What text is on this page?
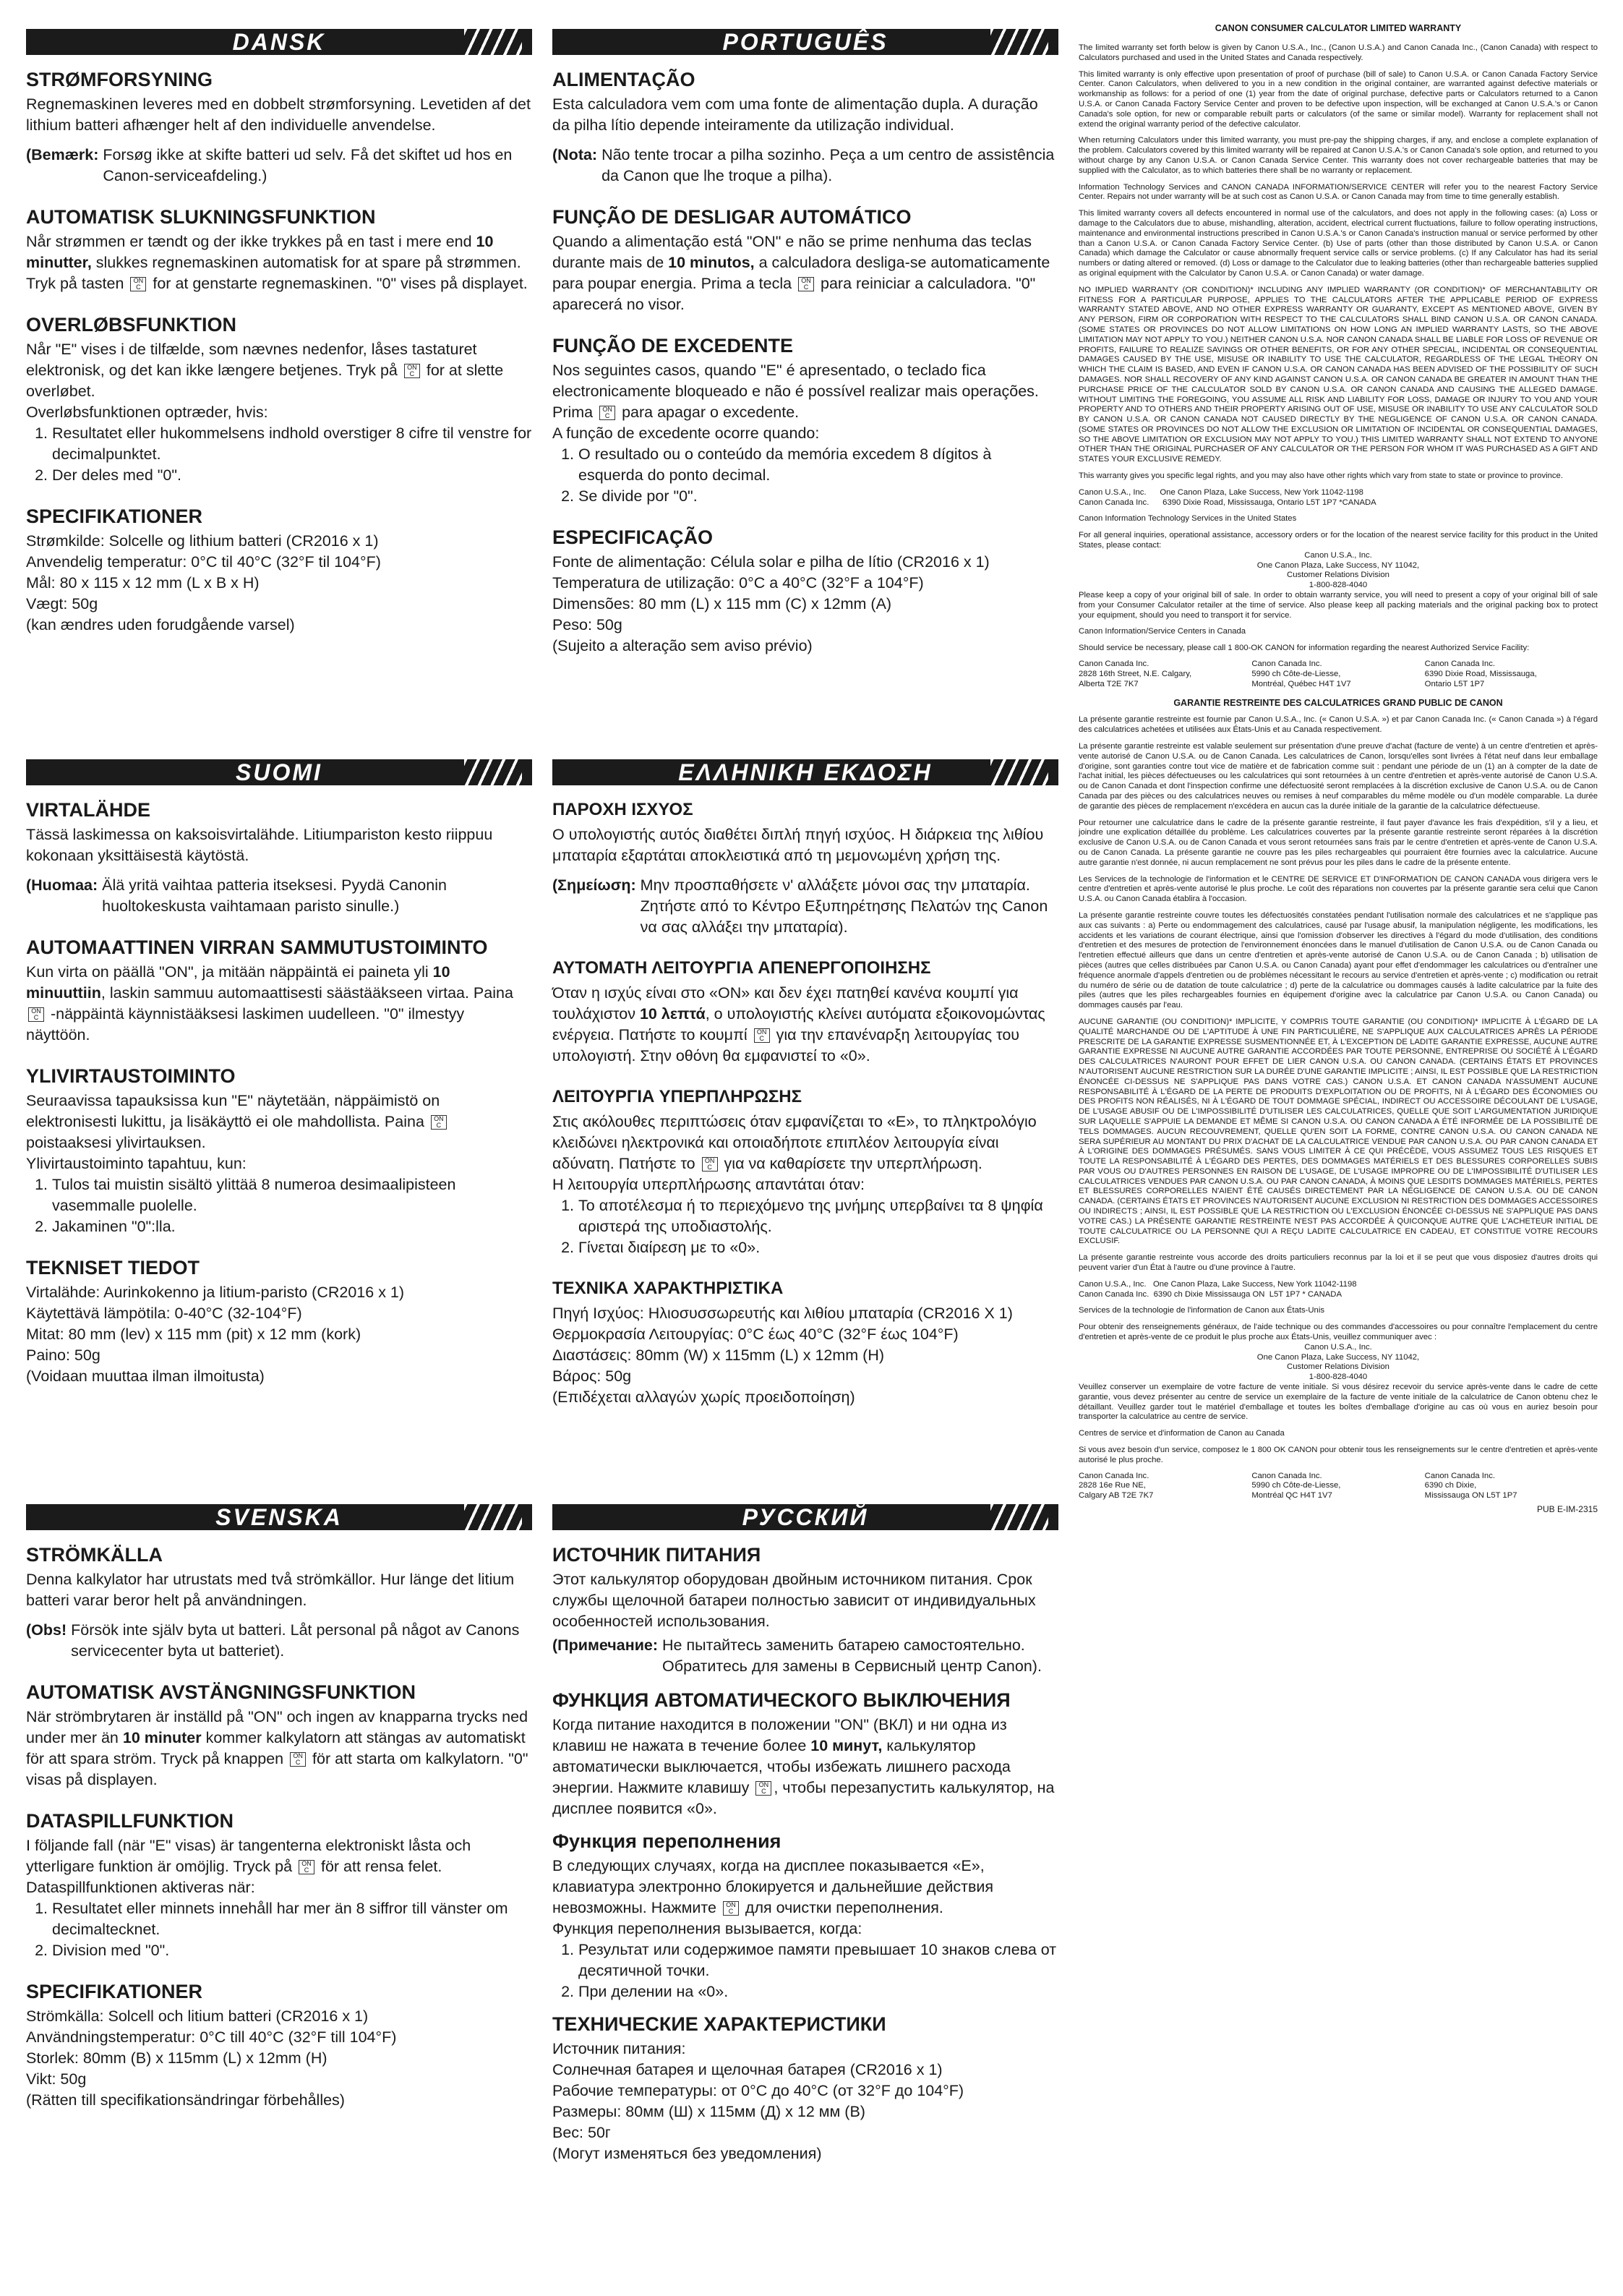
DANSK
STRØMFORSYNING

Regnemaskinen leveres med en dobbelt strømforsyning. Levetiden af det lithium batteri afhænger helt af den individuelle anvendelse.

(Bemærk: Forsøg ikke at skifte batteri ud selv. Få det skiftet ud hos en Canon-serviceafdeling.)
AUTOMATISK SLUKNINGSFUNKTION

Når strømmen er tændt og der ikke trykkes på en tast i mere end 10 minutter, slukkes regnemaskinen automatisk for at spare på strømmen. Tryk på tasten ON C for at genstarte regnemaskinen. "0" vises på displayet.

OVERLØBSFUNKTION

Når "E" vises i de tilfælde, som nævnes nedenfor, låses tastaturet elektronisk, og det kan ikke længere betjenes. Tryk på ON C for at slette overløbet.

Overløbsfunktionen optræder, hvis:

1. Resultatet eller hukommelsens indhold overstiger 8 cifre til venstre for decimalpunktet.
2. Der deles med "0".
SPECIFIKATIONER

Strømkilde: Solcelle og lithium batteri (CR2016 x 1)

Anvendelig temperatur: 0°C til 40°C (32°F til 104°F)

Mål: 80 x 115 x 12 mm (L x B x H)

Vægt: 50g

(kan ændres uden forudgående varsel)

SUOMI
VIRTALÄHDE

Tässä laskimessa on kaksoisvirtalähde. Litiumpariston kesto riippuu kokonaan yksittäisestä käytöstä.

(Huomaa: Älä yritä vaihtaa patteria itseksesi. Pyydä Canonin huoltokeskusta vaihtamaan paristo sinulle.)
AUTOMAATTINEN VIRRAN SAMMUTUSTOIMINTO

Kun virta on päällä "ON", ja mitään näppäintä ei paineta yli 10 minuuttiin, laskin sammuu automaattisesti säästääkseen virtaa. Paina ON C -näppäintä käynnistääksesi laskimen uudelleen. "0" ilmestyy näyttöön.

YLIVIRTAUSTOIMINTO

Seuraavissa tapauksissa kun "E" näytetään, näppäimistö on elektronisesti lukittu, ja lisäkäyttö ei ole mahdollista. Paina ON C poistaaksesi ylivirtauksen.

Ylivirtaustoiminto tapahtuu, kun:

1. Tulos tai muistin sisältö ylittää 8 numeroa desimaalipisteen vasemmalle puolelle.
2. Jakaminen "0":lla.
TEKNISET TIEDOT

Virtalähde: Aurinkokenno ja litium-paristo (CR2016 x 1)

Käytettävä lämpötila: 0-40°C (32-104°F)

Mitat: 80 mm (lev) x 115 mm (pit) x 12 mm (kork)

Paino: 50g

(Voidaan muuttaa ilman ilmoitusta)

SVENSKA
STRÖMKÄLLA

Denna kalkylator har utrustats med två strömkällor. Hur länge det litium batteri varar beror helt på användningen.

(Obs! Försök inte själv byta ut batteri. Låt personal på något av Canons servicecenter byta ut batteriet).
AUTOMATISK AVSTÄNGNINGSFUNKTION

När strömbrytaren är inställd på "ON" och ingen av knapparna trycks ned under mer än 10 minuter kommer kalkylatorn att stängas av automatiskt för att spara ström. Tryck på knappen ON C för att starta om kalkylatorn. "0" visas på displayen.

DATASPILLFUNKTION

I följande fall (när "E" visas) är tangenterna elektroniskt låsta och ytterligare funktion är omöjlig. Tryck på ON C för att rensa felet.

Dataspillfunktionen aktiveras när:

1. Resultatet eller minnets innehåll har mer än 8 siffror till vänster om decimaltecknet.
2. Division med "0".
SPECIFIKATIONER

Strömkälla: Solcell och litium batteri (CR2016 x 1)

Användningstemperatur: 0°C till 40°C (32°F till 104°F)

Storlek: 80mm (B) x 115mm (L) x 12mm (H)

Vikt: 50g

(Rätten till specifikationsändringar förbehålles)

PORTUGUÊS
ALIMENTAÇÃO

Esta calculadora vem com uma fonte de alimentação dupla. A duração da pilha lítio depende inteiramente da utilização individual.

(Nota: Não tente trocar a pilha sozinho. Peça a um centro de assistência da Canon que lhe troque a pilha).
FUNÇÃO DE DESLIGAR AUTOMÁTICO

Quando a alimentação está "ON" e não se prime nenhuma das teclas durante mais de 10 minutos, a calculadora desliga-se automaticamente para poupar energia. Prima a tecla ON C para reiniciar a calculadora. "0" aparecerá no visor.

FUNÇÃO DE EXCEDENTE

Nos seguintes casos, quando "E" é apresentado, o teclado fica electronicamente bloqueado e não é possível realizar mais operações. Prima ON C para apagar o excedente.

A função de excedente ocorre quando:

1. O resultado ou o conteúdo da memória excedem 8 dígitos à esquerda do ponto decimal.
2. Se divide por "0".
ESPECIFICAÇÃO

Fonte de alimentação: Célula solar e pilha de lítio (CR2016 x 1)

Temperatura de utilização: 0°C a 40°C (32°F a 104°F)

Dimensões: 80 mm (L) x 115 mm (C) x 12mm (A)

Peso: 50g

(Sujeito a alteração sem aviso prévio)

ΕΛΛΗΝΙΚΗ ΕΚΔΟΣΗ
ΠΑΡΟΧΗ ΙΣΧΥΟΣ

Ο υπολογιστής αυτός διαθέτει διπλή πηγή ισχύος. Η διάρκεια της λιθίου μπαταρία εξαρτάται αποκλειστικά από τη μεμονωμένη χρήση της.

(Σημείωση: Μην προσπαθήσετε ν' αλλάξετε μόνοι σας την μπαταρία. Ζητήστε από το Κέντρο Εξυπηρέτησης Πελατών της Canon να σας αλλάξει την μπαταρία).
ΑΥΤΟΜΑΤΗ ΛΕΙΤΟΥΡΓΙΑ ΑΠΕΝΕΡΓΟΠΟΙΗΣΗΣ

Όταν η ισχύς είναι στο «ON» και δεν έχει πατηθεί κανένα κουμπί για τουλάχιστον 10 λεπτά, ο υπολογιστής κλείνει αυτόματα εξοικονομώντας ενέργεια. Πατήστε το κουμπί ON C για την επανέναρξη λειτουργίας του υπολογιστή. Στην οθόνη θα εμφανιστεί το «0».

ΛΕΙΤΟΥΡΓΙΑ ΥΠΕΡΠΛΗΡΩΣΗΣ

Στις ακόλουθες περιπτώσεις όταν εμφανίζεται το «E», το πληκτρολόγιο κλειδώνει ηλεκτρονικά και οποιαδήποτε επιπλέον λειτουργία είναι αδύνατη. Πατήστε το ON C για να καθαρίσετε την υπερπλήρωση.

Η λειτουργία υπερπλήρωσης απαντάται όταν:

1. Το αποτέλεσμα ή το περιεχόμενο της μνήμης υπερβαίνει τα 8 ψηφία αριστερά της υποδιαστολής.
2. Γίνεται διαίρεση με το «0».
ΤΕΧΝΙΚΑ ΧΑΡΑΚΤΗΡΙΣΤΙΚΑ

Πηγή Ισχύος: Ηλιοσυσσωρευτής και λιθίου μπαταρία (CR2016 X 1)

Θερμοκρασία Λειτουργίας: 0°C έως 40°C (32°F έως 104°F)

Διαστάσεις: 80mm (W) x 115mm (L) x 12mm (H)

Βάρος: 50g

(Επιδέχεται αλλαγών χωρίς προειδοποίηση)

РУССКИЙ
ИСТОЧНИК ПИТАНИЯ

Этот калькулятор оборудован двойным источником питания. Срок службы щелочной батареи полностью зависит от индивидуальных особенностей использования.

(Примечание: Не пытайтесь заменить батарею самостоятельно. Обратитесь для замены в Сервисный центр Canon).
ФУНКЦИЯ АВТОМАТИЧЕСКОГО ВЫКЛЮЧЕНИЯ

Когда питание находится в положении "ON" (ВКЛ) и ни одна из клавиш не нажата в течение более 10 минут, калькулятор автоматически выключается, чтобы избежать лишнего расхода энергии. Нажмите клавишу ON C , чтобы перезапустить калькулятор, на дисплее появится «0».

Функция переполнения

В следующих случаях, когда на дисплее показывается «E», клавиатура электронно блокируется и дальнейшие действия невозможны. Нажмите ON C для очистки переполнения.

Функция переполнения вызывается, когда:

1. Результат или содержимое памяти превышает 10 знаков слева от десятичной точки.
2. При делении на «0».
ТЕХНИЧЕСКИЕ ХАРАКТЕРИСТИКИ

Источник питания:

Солнечная батарея и щелочная батарея (CR2016 x 1)

Рабочие температуры: от 0°C до 40°C (от 32°F до 104°F)

Размеры: 80мм (Ш) x 115мм (Д) x 12 мм (В)

Вес: 50г

(Могут изменяться без уведомления)

CANON CONSUMER CALCULATOR LIMITED WARRANTY

The limited warranty set forth below is given by Canon U.S.A., Inc., (Canon U.S.A.) and Canon Canada Inc., (Canon Canada) with respect to Calculators purchased and used in the United States and Canada respectively.

This limited warranty is only effective upon presentation of proof of purchase (bill of sale) to Canon U.S.A. or Canon Canada Factory Service Center. Canon Calculators, when delivered to you in a new condition in the original container, are warranted against defective materials or workmanship as follows: for a period of one (1) year from the date of original purchase, defective parts or Calculators returned to a Canon U.S.A. or Canon Canada Factory Service Center and proven to be defective upon inspection, will be exchanged at Canon U.S.A.'s or Canon Canada's sole option, for new or comparable rebuilt parts or calculators (of the same or similar model). Warranty for replacement shall not extend the original warranty period of the defective calculator.

When returning Calculators under this limited warranty, you must pre-pay the shipping charges, if any, and enclose a complete explanation of the problem. Calculators covered by this limited warranty will be repaired at Canon U.S.A.'s or Canon Canada's sole option, and returned to you without charge by any Canon U.S.A. or Canon Canada Service Center. This warranty does not cover rechargeable batteries that may be supplied with the Calculator, as to which batteries there shall be no warranty or replacement.

Information Technology Services and CANON CANADA INFORMATION/SERVICE CENTER will refer you to the nearest Factory Service Center. Repairs not under warranty will be at such cost as Canon U.S.A. or Canon Canada may from time to time generally establish.

This limited warranty covers all defects encountered in normal use of the calculators, and does not apply in the following cases: (a) Loss or damage to the Calculators due to abuse, mishandling, alteration, accident, electrical current fluctuations, failure to follow operating instructions, maintenance and environmental instructions prescribed in Canon U.S.A.'s or Canon Canada's instruction manual or service performed by other than a Canon U.S.A. or Canon Canada Factory Service Center. (b) Use of parts (other than those distributed by Canon U.S.A. or Canon Canada) which damage the Calculator or cause abnormally frequent service calls or service problems. (c) If any Calculator has had its serial numbers or dating altered or removed. (d) Loss or damage to the Calculator due to leaking batteries (other than rechargeable batteries supplied as original equipment with the Calculator by Canon U.S.A. or Canon Canada) or water damage.

NO IMPLIED WARRANTY (OR CONDITION)* INCLUDING ANY IMPLIED WARRANTY (OR CONDITION)* OF MERCHANTABILITY OR FITNESS FOR A PARTICULAR PURPOSE, APPLIES TO THE CALCULATORS AFTER THE APPLICABLE PERIOD OF EXPRESS WARRANTY STATED ABOVE, AND NO OTHER EXPRESS WARRANTY OR GUARANTY, EXCEPT AS MENTIONED ABOVE, GIVEN BY ANY PERSON, FIRM OR CORPORATION WITH RESPECT TO THE CALCULATORS SHALL BIND CANON U.S.A. OR CANON CANADA. (SOME STATES OR PROVINCES DO NOT ALLOW LIMITATIONS ON HOW LONG AN IMPLIED WARRANTY LASTS, SO THE ABOVE LIMITATION MAY NOT APPLY TO YOU.) NEITHER CANON U.S.A. NOR CANON CANADA SHALL BE LIABLE FOR LOSS OF REVENUE OR PROFITS, FAILURE TO REALIZE SAVINGS OR OTHER BENEFITS, OR FOR ANY OTHER SPECIAL, INCIDENTAL OR CONSEQUENTIAL DAMAGES CAUSED BY THE USE, MISUSE OR INABILITY TO USE THE CALCULATOR, REGARDLESS OF THE LEGAL THEORY ON WHICH THE CLAIM IS BASED, AND EVEN IF CANON U.S.A. OR CANON CANADA HAS BEEN ADVISED OF THE POSSIBILITY OF SUCH DAMAGES. NOR SHALL RECOVERY OF ANY KIND AGAINST CANON U.S.A. OR CANON CANADA BE GREATER IN AMOUNT THAN THE PURCHASE PRICE OF THE CALCULATOR SOLD BY CANON U.S.A. OR CANON CANADA AND CAUSING THE ALLEGED DAMAGE. WITHOUT LIMITING THE FOREGOING, YOU ASSUME ALL RISK AND LIABILITY FOR LOSS, DAMAGE OR INJURY TO YOU AND YOUR PROPERTY AND TO OTHERS AND THEIR PROPERTY ARISING OUT OF USE, MISUSE OR INABILITY TO USE ANY CALCULATOR SOLD BY CANON U.S.A. OR CANON CANADA NOT CAUSED DIRECTLY BY THE NEGLIGENCE OF CANON U.S.A. OR CANON CANADA. (SOME STATES OR PROVINCES DO NOT ALLOW THE EXCLUSION OR LIMITATION OF INCIDENTAL OR CONSEQUENTIAL DAMAGES, SO THE ABOVE LIMITATION OR EXCLUSION MAY NOT APPLY TO YOU.) THIS LIMITED WARRANTY SHALL NOT EXTEND TO ANYONE OTHER THAN THE ORIGINAL PURCHASER OF ANY CALCULATOR OR THE PERSON FOR WHOM IT WAS PURCHASED AS A GIFT AND STATES YOUR EXCLUSIVE REMEDY.

This warranty gives you specific legal rights, and you may also have other rights which vary from state to state or province to province.

Canon U.S.A., Inc.      One Canon Plaza, Lake Success, New York 11042-1198
Canon Canada Inc.      6390 Dixie Road, Mississauga, Ontario L5T 1P7 *CANADA

Canon Information Technology Services in the United States

For all general inquiries, operational assistance, accessory orders or for the location of the nearest service facility for this product in the United States, please contact:

Canon U.S.A., Inc.
One Canon Plaza, Lake Success, NY 11042,
Customer Relations Division
1-800-828-4040

Please keep a copy of your original bill of sale. In order to obtain warranty service, you will need to present a copy of your original bill of sale from your Consumer Calculator retailer at the time of service. Also please keep all packing materials and the original packing box to protect your equipment, should you need to transport it for service.

Canon Information/Service Centers in Canada

Should service be necessary, please call 1 800-OK CANON for information regarding the nearest Authorized Service Facility:

Canon Canada Inc.
2828 16th Street, N.E. Calgary,
Alberta T2E 7K7
Canon Canada Inc.
5990 ch Côte-de-Liesse,
Montréal, Québec H4T 1V7
Canon Canada Inc.
6390 Dixie Road, Mississauga,
Ontario L5T 1P7
GARANTIE RESTREINTE DES CALCULATRICES GRAND PUBLIC DE CANON

La présente garantie restreinte est fournie par Canon U.S.A., Inc. (« Canon U.S.A. ») et par Canon Canada Inc. (« Canon Canada ») à l'égard des calculatrices achetées et utilisées aux États-Unis et au Canada respectivement.

La présente garantie restreinte est valable seulement sur présentation d'une preuve d'achat (facture de vente) à un centre d'entretien et après-vente autorisé de Canon U.S.A. ou de Canon Canada. Les calculatrices de Canon, lorsqu'elles sont livrées à l'état neuf dans leur emballage d'origine, sont garanties contre tout vice de matière et de fabrication comme suit : pendant une période de un (1) an à compter de la date de l'achat initial, les pièces défectueuses ou les calculatrices qui sont retournées à un centre d'entretien et après-vente autorisé de Canon U.S.A. ou de Canon Canada et dont l'inspection confirme une défectuosité seront remplacées à la discrétion exclusive de Canon U.S.A. ou de Canon Canada par des pièces ou des calculatrices neuves ou remises à neuf comparables du même modèle ou d'un modèle comparable. La durée de garantie des pièces de remplacement n'excédera en aucun cas la durée initiale de la garantie de la calculatrice défectueuse.

Pour retourner une calculatrice dans le cadre de la présente garantie restreinte, il faut payer d'avance les frais d'expédition, s'il y a lieu, et joindre une explication détaillée du problème. Les calculatrices couvertes par la présente garantie restreinte seront réparées à la discrétion exclusive de Canon U.S.A. ou de Canon Canada et vous seront retournées sans frais par le centre d'entretien et après-vente de Canon U.S.A. ou de Canon Canada. La présente garantie ne couvre pas les piles rechargeables qui pourraient être fournies avec la calculatrice. Aucune autre garantie n'est donnée, ni aucun remplacement ne sont prévus pour les piles dans le cadre de la présente entente.

Les Services de la technologie de l'information et le CENTRE DE SERVICE ET D'INFORMATION DE CANON CANADA vous dirigera vers le centre d'entretien et après-vente autorisé le plus proche. Le coût des réparations non couvertes par la présente garantie sera celui que Canon U.S.A. ou Canon Canada établira à l'occasion.

La présente garantie restreinte couvre toutes les défectuosités constatées pendant l'utilisation normale des calculatrices et ne s'applique pas aux cas suivants : a) Perte ou endommagement des calculatrices, causé par l'usage abusif, la manipulation négligente, les modifications, les accidents et les variations de courant électrique, ainsi que l'omission d'observer les directives à l'égard du mode d'utilisation, des conditions d'entretien et des mesures de protection de l'environnement énoncées dans le manuel d'utilisation de Canon U.S.A. ou de Canon Canada ou l'entretien effectué ailleurs que dans un centre d'entretien et après-vente autorisé de Canon U.S.A. ou de Canon Canada ; b) utilisation de pièces (autres que celles distribuées par Canon U.S.A. ou Canon Canada) ayant pour effet d'endommager les calculatrices ou d'entraîner une fréquence anormale d'appels d'entretien ou de problèmes nécessitant le recours au service d'entretien et après-vente ; c) modification ou retrait du numéro de série ou de datation de toute calculatrice ; d) perte de la calculatrice ou dommages causés à ladite calculatrice par la fuite des piles (autres que les piles rechargeables fournies en équipement d'origine avec la calculatrice par Canon U.S.A. ou Canon Canada) ou dommages causés par l'eau.

AUCUNE GARANTIE (OU CONDITION)* IMPLICITE, Y COMPRIS TOUTE GARANTIE (OU CONDITION)* IMPLICITE À L'ÉGARD DE LA QUALITÉ MARCHANDE OU DE L'APTITUDE À UNE FIN PARTICULIÈRE, NE S'APPLIQUE AUX CALCULATRICES APRÈS LA PÉRIODE PRESCRITE DE LA GARANTIE EXPRESSE SUSMENTIONNÉE ET, À L'EXCEPTION DE LADITE GARANTIE EXPRESSE, AUCUNE AUTRE GARANTIE EXPRESSE NI AUCUNE AUTRE GARANTIE ACCORDÉES PAR TOUTE PERSONNE, ENTREPRISE OU SOCIÉTÉ À L'ÉGARD DES CALCULATRICES N'AURONT POUR EFFET DE LIER CANON U.S.A. OU CANON CANADA. (CERTAINS ÉTATS ET PROVINCES N'AUTORISENT AUCUNE RESTRICTION SUR LA DURÉE D'UNE GARANTIE IMPLICITE ; AINSI, IL EST POSSIBLE QUE LA RESTRICTION ÉNONCÉE CI-DESSUS NE S'APPLIQUE PAS DANS VOTRE CAS.) CANON U.S.A. ET CANON CANADA N'ASSUMENT AUCUNE RESPONSABILITÉ À L'ÉGARD DE LA PERTE DE PRODUITS D'EXPLOITATION OU DE PROFITS, NI À L'ÉGARD DES ÉCONOMIES OU DES PROFITS NON RÉALISÉS, NI À L'ÉGARD DE TOUT DOMMAGE SPÉCIAL, INDIRECT OU ACCESSOIRE DÉCOULANT DE L'USAGE, DE L'USAGE ABUSIF OU DE L'IMPOSSIBILITÉ D'UTILISER LES CALCULATRICES, QUELLE QUE SOIT L'ARGUMENTATION JURIDIQUE SUR LAQUELLE S'APPUIE LA DEMANDE ET MÊME SI CANON U.S.A. OU CANON CANADA A ÉTÉ INFORMÉE DE LA POSSIBILITÉ DE TELS DOMMAGES. AUCUN RECOUVREMENT, QUELLE QU'EN SOIT LA FORME, CONTRE CANON U.S.A. OU CANON CANADA NE SERA SUPÉRIEUR AU MONTANT DU PRIX D'ACHAT DE LA CALCULATRICE VENDUE PAR CANON U.S.A. OU PAR CANON CANADA ET À L'ORIGINE DES DOMMAGES PRÉSUMÉS. SANS VOUS LIMITER À CE QUI PRÉCÈDE, VOUS ASSUMEZ TOUS LES RISQUES ET TOUTE LA RESPONSABILITÉ À L'ÉGARD DES PERTES, DES DOMMAGES MATÉRIELS ET DES BLESSURES CORPORELLES SUBIS PAR VOUS OU D'AUTRES PERSONNES EN RAISON DE L'USAGE, DE L'USAGE IMPROPRE OU DE L'IMPOSSIBILITÉ D'UTILISER LES CALCULATRICES VENDUES PAR CANON U.S.A. OU PAR CANON CANADA, À MOINS QUE LESDITS DOMMAGES MATÉRIELS, PERTES ET BLESSURES CORPORELLES N'AIENT ÉTÉ CAUSÉS DIRECTEMENT PAR LA NÉGLIGENCE DE CANON U.S.A. OU DE CANON CANADA. (CERTAINS ÉTATS ET PROVINCES N'AUTORISENT AUCUNE EXCLUSION NI RESTRICTION DES DOMMAGES ACCESSOIRES OU INDIRECTS ; AINSI, IL EST POSSIBLE QUE LA RESTRICTION OU L'EXCLUSION ÉNONCÉE CI-DESSUS NE S'APPLIQUE PAS DANS VOTRE CAS.) LA PRÉSENTE GARANTIE RESTREINTE N'EST PAS ACCORDÉE À QUICONQUE AUTRE QUE L'ACHETEUR INITIAL DE TOUTE CALCULATRICE OU LA PERSONNE QUI A REÇU LADITE CALCULATRICE EN CADEAU, ET CONSTITUE VOTRE RECOURS EXCLUSIF.

La présente garantie restreinte vous accorde des droits particuliers reconnus par la loi et il se peut que vous disposiez d'autres droits qui peuvent varier d'un État à l'autre ou d'une province à l'autre.

Canon U.S.A., Inc.   One Canon Plaza, Lake Success, New York 11042-1198
Canon Canada Inc.  6390 ch Dixie Mississauga ON  L5T 1P7 * CANADA

Services de la technologie de l'information de Canon aux États-Unis

Pour obtenir des renseignements généraux, de l'aide technique ou des commandes d'accessoires ou pour connaître l'emplacement du centre d'entretien et après-vente de ce produit le plus proche aux États-Unis, veuillez communiquer avec :

Canon U.S.A., Inc.
One Canon Plaza, Lake Success, NY 11042,
Customer Relations Division
1-800-828-4040

Veuillez conserver un exemplaire de votre facture de vente initiale. Si vous désirez recevoir du service après-vente dans le cadre de cette garantie, vous devez présenter au centre de service un exemplaire de la facture de vente initiale de la calculatrice de Canon obtenu chez le détaillant. Veuillez garder tout le matériel d'emballage et toutes les boîtes d'emballage d'origine au cas où vous en auriez besoin pour transporter la calculatrice au centre de service.

Centres de service et d'information de Canon au Canada

Si vous avez besoin d'un service, composez le 1 800 OK CANON pour obtenir tous les renseignements sur le centre d'entretien et après-vente autorisé le plus proche.

Canon Canada Inc.
2828 16e Rue NE,
Calgary AB T2E 7K7
Canon Canada Inc.
5990 ch Côte-de-Liesse,
Montréal QC H4T 1V7
Canon Canada Inc.
6390 ch Dixie,
Mississauga ON L5T 1P7
PUB E-IM-2315
